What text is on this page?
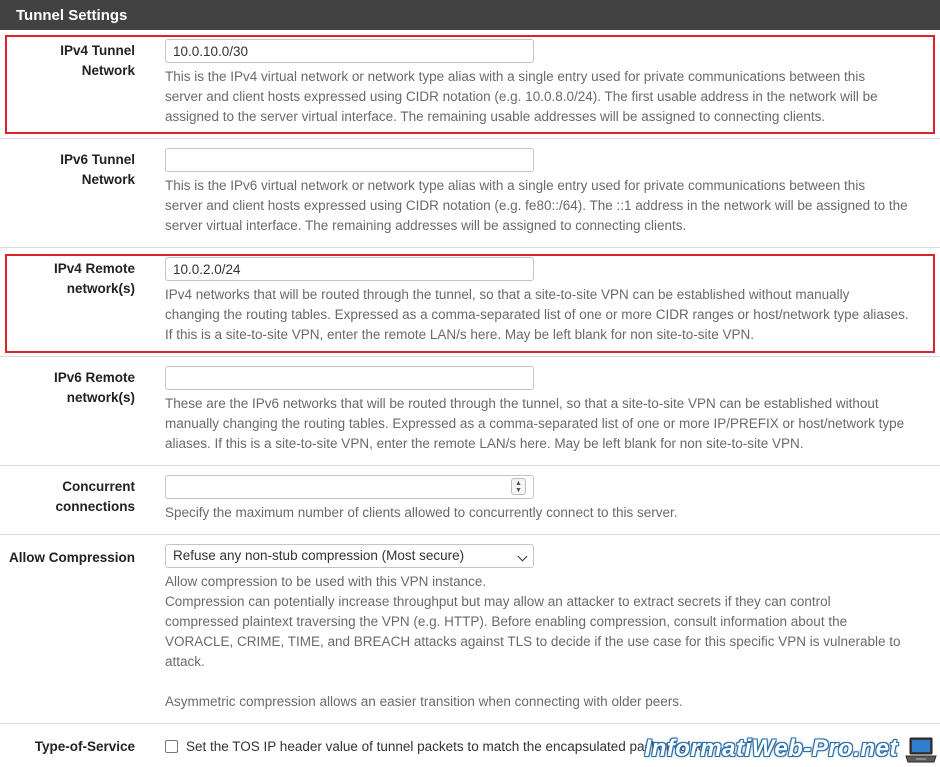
Tunnel Settings
IPv4 Tunnel
Network
10.0.10.0/30 This is the IPv4 virtual network or network type alias with a single entry used for private communications between this
server and client hosts expressed using CIDR notation (e.g. 10.0.8.0/24). The first usable address in the network will be
assigned to the server virtual interface. The remaining usable addresses will be assigned to connecting clients.
IPv6 Tunnel
Network This is the IPv6 virtual network or network type alias with a single entry used for private communications between this
server and client hosts expressed using CIDR notation (e.g. fe80::/64). The ::1 address in the network will be assigned to the
server virtual interface. The remaining addresses will be assigned to connecting clients.
IPv4 Remote
network(s)
10.0.2.0/24 IPv4 networks that will be routed through the tunnel, so that a site-to-site VPN can be established without manually
changing the routing tables. Expressed as a comma-separated list of one or more CIDR ranges or host/network type aliases.
If this is a site-to-site VPN, enter the remote LAN/s here. May be left blank for non site-to-site VPN.
IPv6 Remote
network(s) These are the IPv6 networks that will be routed through the tunnel, so that a site-to-site VPN can be established without
manually changing the routing tables. Expressed as a comma-separated list of one or more IP/PREFIX or host/network type
aliases. If this is a site-to-site VPN, enter the remote LAN/s here. May be left blank for non site-to-site VPN.
Concurrent
connections
▲
▼
Specify the maximum number of clients allowed to concurrently connect to this server.
Allow Compression	Refuse any non-stub compression (Most secure)
Allow compression to be used with this VPN instance.
Compression can potentially increase throughput but may allow an attacker to extract secrets if they can control
compressed plaintext traversing the VPN (e.g. HTTP). Before enabling compression, consult information about the
VORACLE, CRIME, TIME, and BREACH attacks against TLS to decide if the use case for this specific VPN is vulnerable to
attack.
Asymmetric compression allows an easier transition when connecting with older peers.
Type-of-Service	Set the TOS IP header value of tunnel packets to match the encapsulated packet value.
InformatiWeb-Pro.net
